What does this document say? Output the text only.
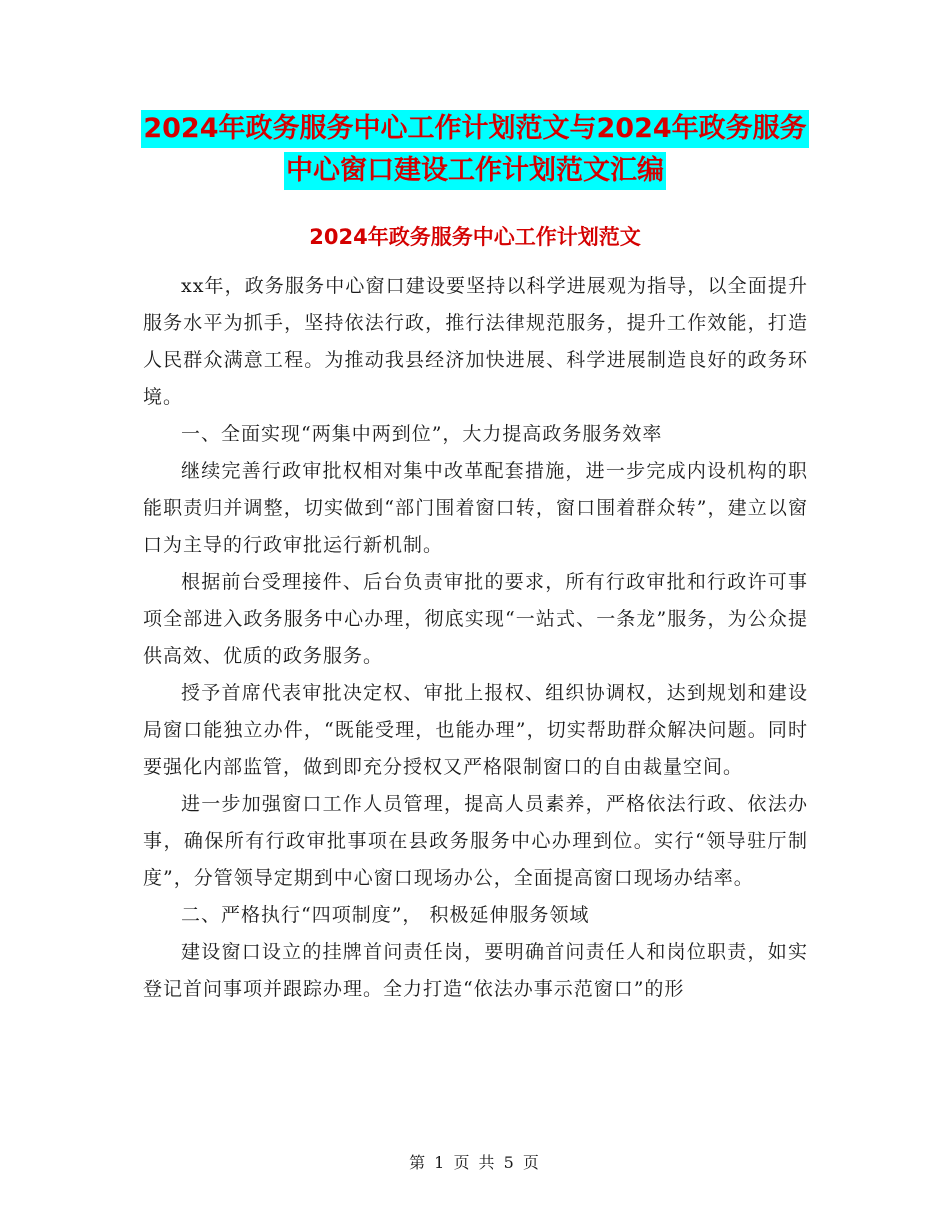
2024年政务服务中心工作计划范文与2024年政务服务
中心窗口建设工作计划范文汇编
2024年政务服务中心工作计划范文

xx年，政务服务中心窗口建设要坚持以科学进展观为指导，以全面提升服务水平为抓手，坚持依法行政，推行法律规范服务，提升工作效能，打造人民群众满意工程。为推动我县经济加快进展、科学进展制造良好的政务环境。

一、全面实现“两集中两到位”，大力提高政务服务效率

继续完善行政审批权相对集中改革配套措施，进一步完成内设机构的职能职责归并调整，切实做到“部门围着窗口转，窗口围着群众转”，建立以窗口为主导的行政审批运行新机制。

根据前台受理接件、后台负责审批的要求，所有行政审批和行政许可事项全部进入政务服务中心办理，彻底实现“一站式、一条龙”服务，为公众提供高效、优质的政务服务。

授予首席代表审批决定权、审批上报权、组织协调权，达到规划和建设局窗口能独立办件，“既能受理，也能办理”，切实帮助群众解决问题。同时要强化内部监管，做到即充分授权又严格限制窗口的自由裁量空间。

进一步加强窗口工作人员管理，提高人员素养，严格依法行政、依法办事，确保所有行政审批事项在县政务服务中心办理到位。实行“领导驻厅制度”，分管领导定期到中心窗口现场办公，全面提高窗口现场办结率。

二、严格执行“四项制度”， 积极延伸服务领域

建设窗口设立的挂牌首问责任岗，要明确首问责任人和岗位职责，如实登记首问事项并跟踪办理。全力打造“依法办事示范窗口”的形

第 1 页 共 5 页
